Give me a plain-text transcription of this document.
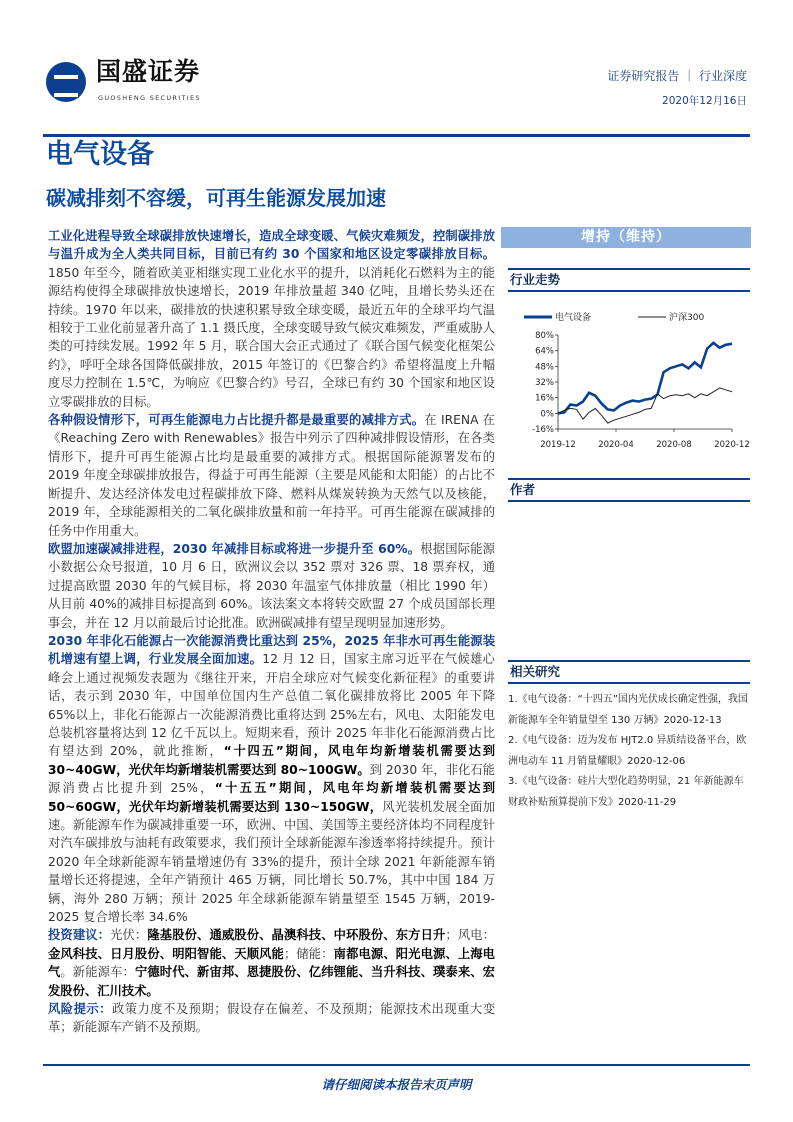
国盛证券
GUOSHENG SECURITIES
证券研究报告 ｜ 行业深度
2020年12月16日
电气设备
碳减排刻不容缓，可再生能源发展加速

工业化进程导致全球碳排放快速增长，造成全球变暖、气候灾难频发，控制碳排放与温升成为全人类共同目标，目前已有约 30 个国家和地区设定零碳排放目标。1850 年至今，随着欧美亚相继实现工业化水平的提升，以消耗化石燃料为主的能源结构使得全球碳排放快速增长，2019 年排放量超 340 亿吨，且增长势头还在持续。1970 年以来，碳排放的快速积累导致全球变暖，最近五年的全球平均气温相较于工业化前显著升高了 1.1 摄氏度，全球变暖导致气候灾难频发，严重威胁人类的可持续发展。1992 年 5 月，联合国大会正式通过了《联合国气候变化框架公约》，呼吁全球各国降低碳排放，2015 年签订的《巴黎合约》希望将温度上升幅度尽力控制在 1.5℃，为响应《巴黎合约》号召，全球已有约 30 个国家和地区设立零碳排放的目标。

各种假设情形下，可再生能源电力占比提升都是最重要的减排方式。在 IRENA 在《Reaching Zero with Renewables》报告中列示了四种减排假设情形，在各类情形下，提升可再生能源占比均是最重要的减排方式。根据国际能源署发布的 2019 年度全球碳排放报告，得益于可再生能源（主要是风能和太阳能）的占比不断提升、发达经济体发电过程碳排放下降、燃料从煤炭转换为天然气以及核能，2019 年，全球能源相关的二氧化碳排放量和前一年持平。可再生能源在碳减排的任务中作用重大。

欧盟加速碳减排进程，2030 年减排目标或将进一步提升至 60%。根据国际能源小数据公众号报道，10 月 6 日，欧洲议会以 352 票对 326 票、18 票弃权，通过提高欧盟 2030 年的气候目标，将 2030 年温室气体排放量（相比 1990 年）从目前 40%的减排目标提高到 60%。该法案文本将转交欧盟 27 个成员国部长理事会，并在 12 月以前最后讨论批准。欧洲碳减排有望呈现明显加速形势。

2030 年非化石能源占一次能源消费比重达到 25%，2025 年非水可再生能源装机增速有望上调，行业发展全面加速。12 月 12 日，国家主席习近平在气候雄心峰会上通过视频发表题为《继往开来，开启全球应对气候变化新征程》的重要讲话，表示到 2030 年，中国单位国内生产总值二氧化碳排放将比 2005 年下降 65%以上，非化石能源占一次能源消费比重将达到 25%左右，风电、太阳能发电总装机容量将达到 12 亿千瓦以上。短期来看，预计 2025 年非化石能源消费占比有望达到 20%，就此推断，“十四五”期间，风电年均新增装机需要达到 30~40GW，光伏年均新增装机需要达到 80~100GW。到 2030 年，非化石能源消费占比提升到 25%，“十五五”期间，风电年均新增装机需要达到 50~60GW，光伏年均新增装机需要达到 130~150GW，风光装机发展全面加速。新能源车作为碳减排重要一环，欧洲、中国、美国等主要经济体均不同程度针对汽车碳排放与油耗有政策要求，我们预计全球新能源车渗透率将持续提升。预计 2020 年全球新能源车销量增速仍有 33%的提升，预计全球 2021 年新能源车销量增长还将提速，全年产销预计 465 万辆，同比增长 50.7%，其中中国 184 万辆，海外 280 万辆；预计 2025 年全球新能源车销量望至 1545 万辆，2019-2025 复合增长率 34.6%

投资建议：光伏：隆基股份、通威股份、晶澳科技、中环股份、东方日升；风电：金风科技、日月股份、明阳智能、天顺风能；储能：南都电源、阳光电源、上海电气。新能源车：宁德时代、新宙邦、恩捷股份、亿纬锂能、当升科技、璞泰来、宏发股份、汇川技术。

风险提示：政策力度不及预期；假设存在偏差、不及预期；能源技术出现重大变革；新能源车产销不及预期。

增持（维持）
行业走势
80%
64%
48%
32%
16%
0%
-16%
2019-12	2020-04	2020-08	2020-12
电气设备	沪深300
作者
相关研究
1.《电气设备：“十四五”国内光伏成长确定性强，我国新能源车全年销量望至 130 万辆》2020-12-13
2.《电气设备：迈为发布 HJT2.0 异质结设备平台，欧洲电动车 11 月销量耀眼》2020-12-06
3.《电气设备：硅片大型化趋势明显，21 年新能源车财政补贴预算提前下发》2020-11-29
请仔细阅读本报告末页声明
